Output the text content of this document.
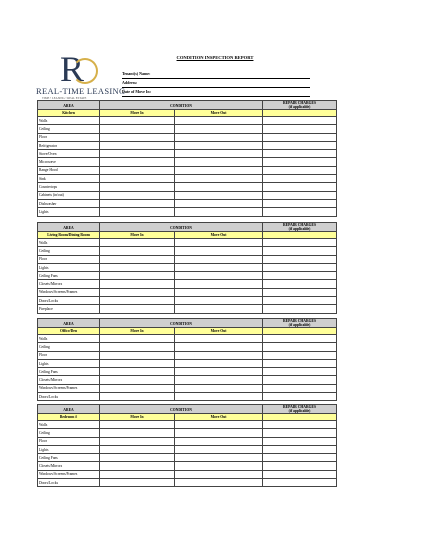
R
REAL-TIME LEASING
TIME • LEASING • REAL ESTATE
CONDITION INSPECTION REPORT
Tenant(s) Name:
Address:
Date of Move In:
AREA	CONDITION		REPAIR CHARGES
(if applicable)

Kitchen	Move In	Move Out	
Walls			
Ceiling			
Floor			
Refrigerator			
Stove/Oven			
Microwave			
Range Hood			
Sink			
Countertops			
Cabinets (in/out)			
Dishwasher			
Lights			
AREA	CONDITION		REPAIR CHARGES
(if applicable)

Living Room/Dining Room	Move In	Move Out	
Walls			
Ceiling			
Floor			
Lights			
Ceiling Fans			
Closets/Mirrors			
Windows/Screens/Frames			
Doors/Locks			
Fireplace			
AREA	CONDITION		REPAIR CHARGES
(if applicable)

Office/Den	Move In	Move Out	
Walls			
Ceiling			
Floor			
Lights			
Ceiling Fans			
Closets/Mirrors			
Windows/Screens/Frames			
Doors/Locks			
AREA	CONDITION		REPAIR CHARGES
(if applicable)

Bedroom #	Move In	Move Out	
Walls			
Ceiling			
Floor			
Lights			
Ceiling Fans			
Closets/Mirrors			
Windows/Screens/Frames			
Doors/Locks			
